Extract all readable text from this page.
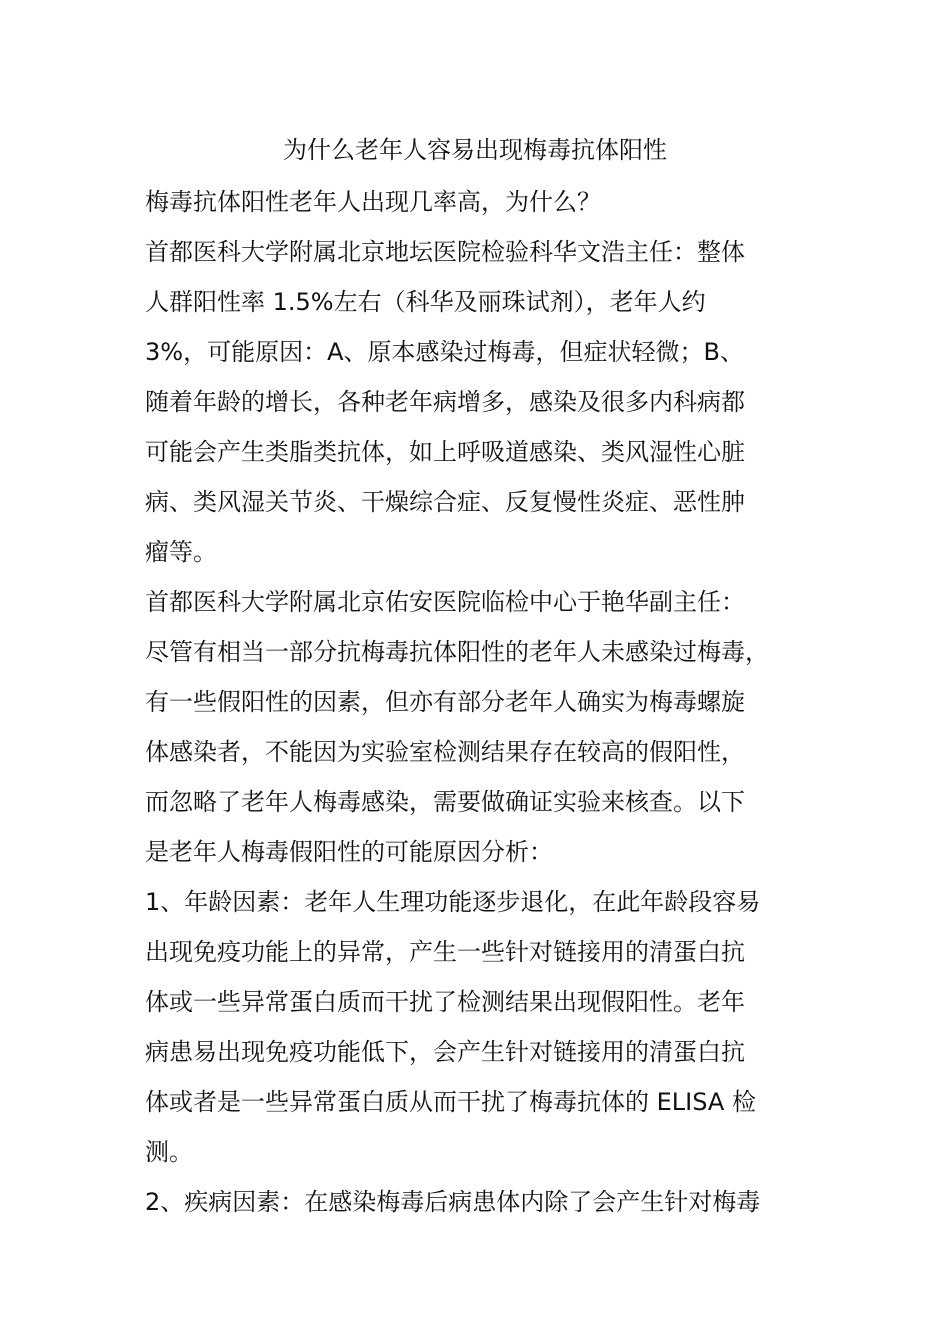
为什么老年人容易出现梅毒抗体阳性
梅毒抗体阳性老年人出现几率高，为什么？
首都医科大学附属北京地坛医院检验科华文浩主任：整体
人群阳性率 1.5%左右（科华及丽珠试剂），老年人约
3%，可能原因：A、原本感染过梅毒，但症状轻微；B、
随着年龄的增长，各种老年病增多，感染及很多内科病都
可能会产生类脂类抗体，如上呼吸道感染、类风湿性心脏
病、类风湿关节炎、干燥综合症、反复慢性炎症、恶性肿
瘤等。
首都医科大学附属北京佑安医院临检中心于艳华副主任：
尽管有相当一部分抗梅毒抗体阳性的老年人未感染过梅毒，
有一些假阳性的因素，但亦有部分老年人确实为梅毒螺旋
体感染者，不能因为实验室检测结果存在较高的假阳性，
而忽略了老年人梅毒感染，需要做确证实验来核查。以下
是老年人梅毒假阳性的可能原因分析：
1、年龄因素：老年人生理功能逐步退化，在此年龄段容易
出现免疫功能上的异常，产生一些针对链接用的清蛋白抗
体或一些异常蛋白质而干扰了检测结果出现假阳性。老年
病患易出现免疫功能低下，会产生针对链接用的清蛋白抗
体或者是一些异常蛋白质从而干扰了梅毒抗体的 ELISA 检
测。
2、疾病因素：在感染梅毒后病患体内除了会产生针对梅毒
